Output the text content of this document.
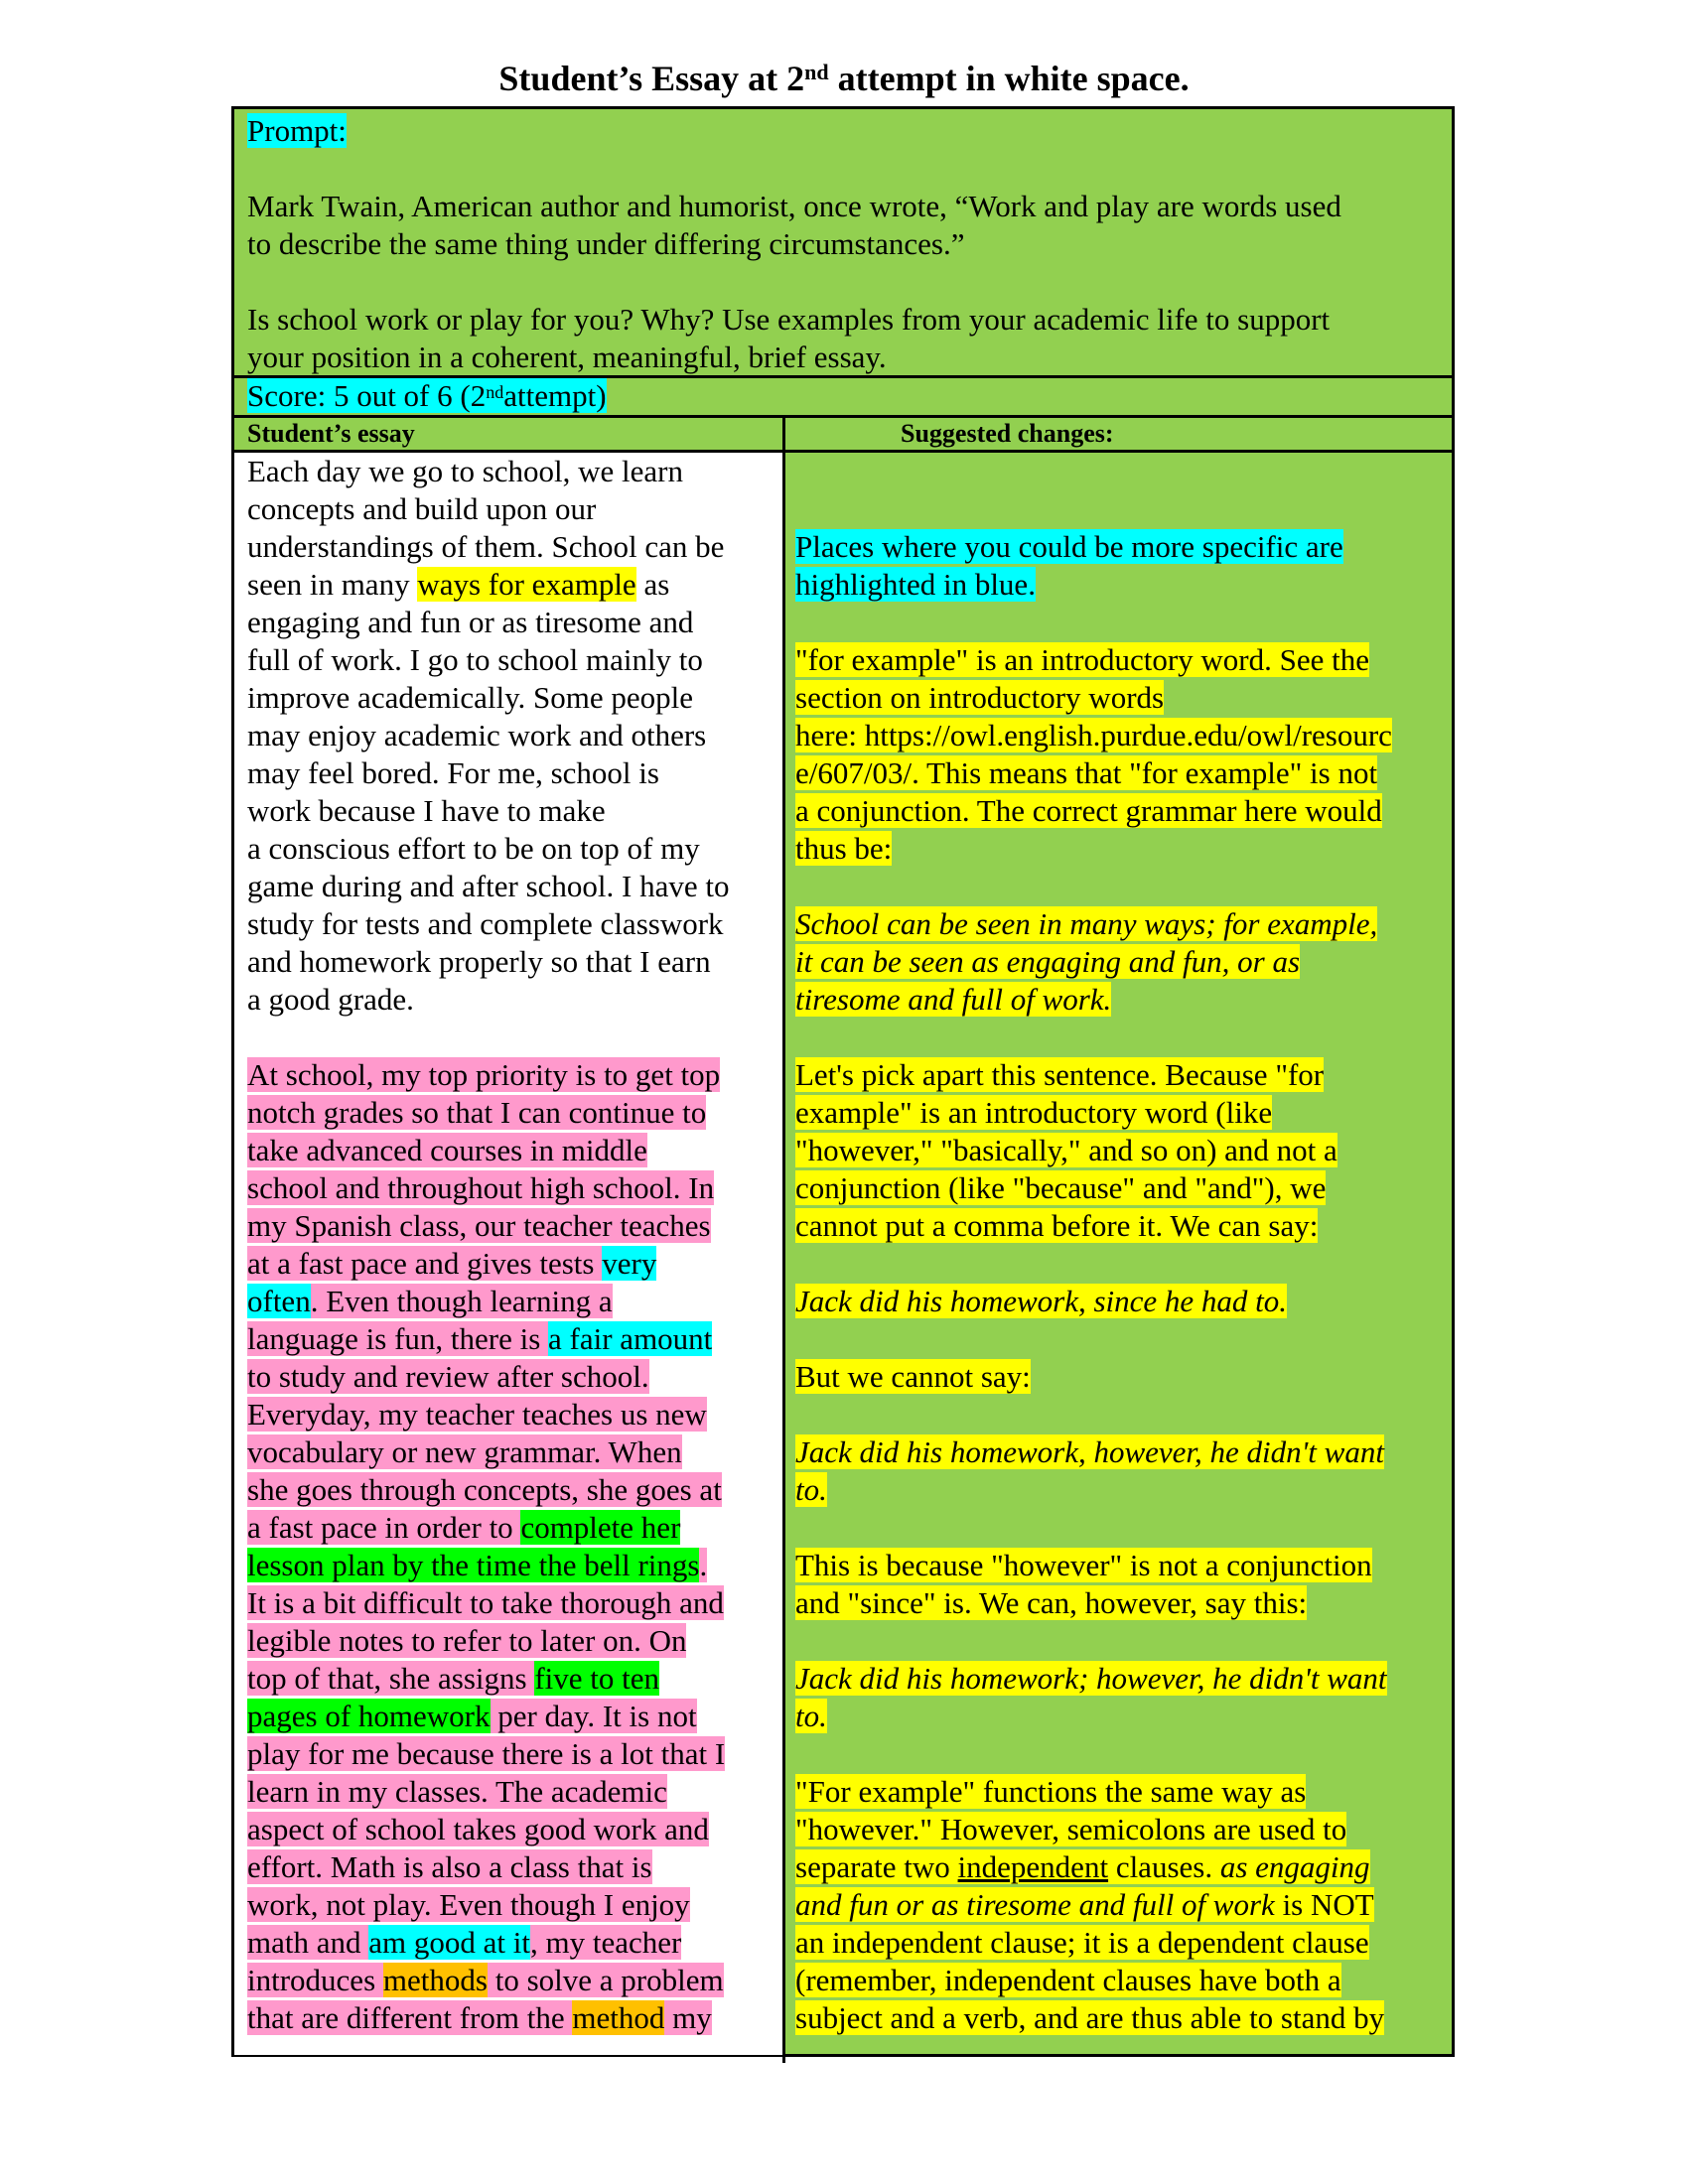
Student’s Essay at 2nd attempt in white space.
Prompt:

Mark Twain, American author and humorist, once wrote, “Work and play are words used
to describe the same thing under differing circumstances.”

Is school work or play for you? Why? Use examples from your academic life to support
your position in a coherent, meaningful, brief essay.
Score: 5 out of 6 (2ndattempt)
Student’s essay	Suggested changes:
Each day we go to school, we learn
concepts and build upon our
understandings of them. School can be
seen in many ways for example as
engaging and fun or as tiresome and
full of work. I go to school mainly to
improve academically. Some people
may enjoy academic work and others
may feel bored. For me, school is
work because I have to make
a conscious effort to be on top of my
game during and after school. I have to
study for tests and complete classwork
and homework properly so that I earn
a good grade.
At school, my top priority is to get top
notch grades so that I can continue to
take advanced courses in middle
school and throughout high school. In
my Spanish class, our teacher teaches
at a fast pace and gives tests very
often. Even though learning a
language is fun, there is a fair amount
to study and review after school.
Everyday, my teacher teaches us new
vocabulary or new grammar. When
she goes through concepts, she goes at
a fast pace in order to complete her
lesson plan by the time the bell rings.
It is a bit difficult to take thorough and
legible notes to refer to later on. On
top of that, she assigns five to ten
pages of homework per day. It is not
play for me because there is a lot that I
learn in my classes. The academic
aspect of school takes good work and
effort. Math is also a class that is
work, not play. Even though I enjoy
math and am good at it, my teacher
introduces methods to solve a problem
that are different from the method my
Places where you could be more specific are
highlighted in blue.
"for example" is an introductory word. See the
section on introductory words
here: https://owl.english.purdue.edu/owl/resourc
e/607/03/. This means that "for example" is not
a conjunction. The correct grammar here would
thus be:
School can be seen in many ways; for example,
it can be seen as engaging and fun, or as
tiresome and full of work.
Let's pick apart this sentence. Because "for
example" is an introductory word (like
"however," "basically," and so on) and not a
conjunction (like "because" and "and"), we
cannot put a comma before it. We can say:
Jack did his homework, since he had to.
But we cannot say:
Jack did his homework, however, he didn't want
to.
This is because "however" is not a conjunction
and "since" is. We can, however, say this:
Jack did his homework; however, he didn't want
to.
"For example" functions the same way as
"however." However, semicolons are used to
separate two independent clauses. as engaging
and fun or as tiresome and full of work is NOT
an independent clause; it is a dependent clause
(remember, independent clauses have both a
subject and a verb, and are thus able to stand by
